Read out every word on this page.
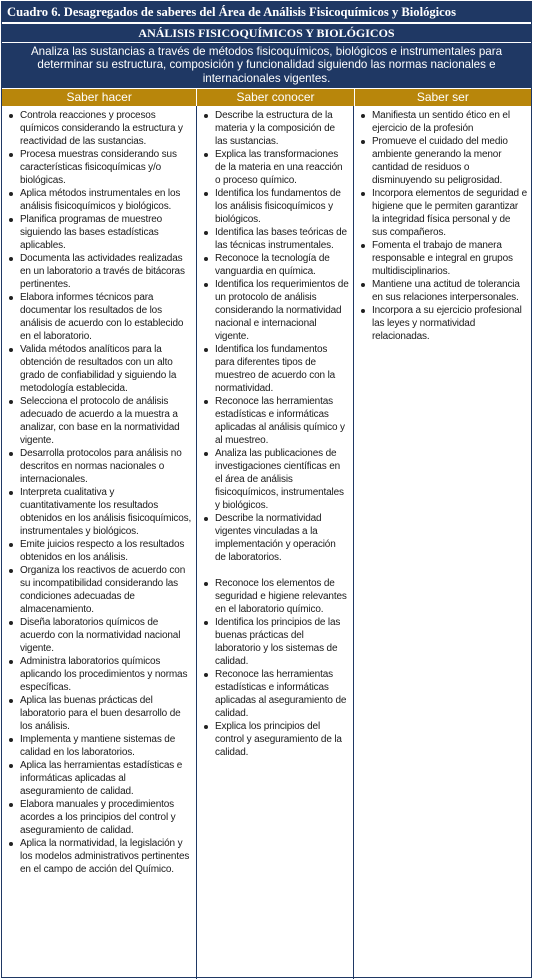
Cuadro 6. Desagregados de saberes del Área de Análisis Fisicoquímicos y Biológicos
ANÁLISIS FISICOQUÍMICOS Y BIOLÓGICOS
Analiza las sustancias a través de métodos fisicoquímicos, biológicos e instrumentales para determinar su estructura, composición y funcionalidad siguiendo las normas nacionales e internacionales vigentes.
Saber hacer	Saber conocer	Saber ser
Controla reacciones y procesos químicos considerando la estructura y reactividad de las sustancias.
Procesa muestras considerando sus características fisicoquímicas y/o biológicas.
Aplica métodos instrumentales en los análisis fisicoquímicos y biológicos.
Planifica programas de muestreo siguiendo las bases estadísticas aplicables.
Documenta las actividades realizadas en un laboratorio a través de bitácoras pertinentes.
Elabora informes técnicos para documentar los resultados de los análisis de acuerdo con lo establecido en el laboratorio.
Valida métodos analíticos para la obtención de resultados con un alto grado de confiabilidad y siguiendo la metodología establecida.
Selecciona el protocolo de análisis adecuado de acuerdo a la muestra a analizar, con base en la normatividad vigente.
Desarrolla protocolos para análisis no descritos en normas nacionales o internacionales.
Interpreta cualitativa y cuantitativamente los resultados obtenidos en los análisis fisicoquímicos, instrumentales y biológicos.
Emite juicios respecto a los resultados obtenidos en los análisis.
Organiza los reactivos de acuerdo con su incompatibilidad considerando las condiciones adecuadas de almacenamiento.
Diseña laboratorios químicos de acuerdo con la normatividad nacional vigente.
Administra laboratorios químicos aplicando los procedimientos y normas específicas.
Aplica las buenas prácticas del laboratorio para el buen desarrollo de los análisis.
Implementa y mantiene sistemas de calidad en los laboratorios.
Aplica las herramientas estadísticas e informáticas aplicadas al aseguramiento de calidad.
Elabora manuales y procedimientos acordes a los principios del control y aseguramiento de calidad.
Aplica la normatividad, la legislación y los modelos administrativos pertinentes en el campo de acción del Químico.
Describe la estructura de la materia y la composición de las sustancias.
Explica las transformaciones de la materia en una reacción o proceso químico.
Identifica los fundamentos de los análisis fisicoquímicos y biológicos.
Identifica las bases teóricas de las técnicas instrumentales.
Reconoce la tecnología de vanguardia en química.
Identifica los requerimientos de un protocolo de análisis considerando la normatividad nacional e internacional vigente.
Identifica los fundamentos para diferentes tipos de muestreo de acuerdo con la normatividad.
Reconoce las herramientas estadísticas e informáticas aplicadas al análisis químico y al muestreo.
Analiza las publicaciones de investigaciones científicas en el área de análisis fisicoquímicos, instrumentales y biológicos.
Describe la normatividad vigentes vinculadas a la implementación y operación de laboratorios.
Reconoce los elementos de seguridad e higiene relevantes en el laboratorio químico.
Identifica los principios de las buenas prácticas del laboratorio y los sistemas de calidad.
Reconoce las herramientas estadísticas e informáticas aplicadas al aseguramiento de calidad.
Explica los principios del control y aseguramiento de la calidad.
Manifiesta un sentido ético en el ejercicio de la profesión
Promueve el cuidado del medio ambiente generando la menor cantidad de residuos o disminuyendo su peligrosidad.
Incorpora elementos de seguridad e higiene que le permiten garantizar la integridad física personal y de sus compañeros.
Fomenta el trabajo de manera responsable e integral en grupos multidisciplinarios.
Mantiene una actitud de tolerancia en sus relaciones interpersonales.
Incorpora a su ejercicio profesional las leyes y normatividad relacionadas.
